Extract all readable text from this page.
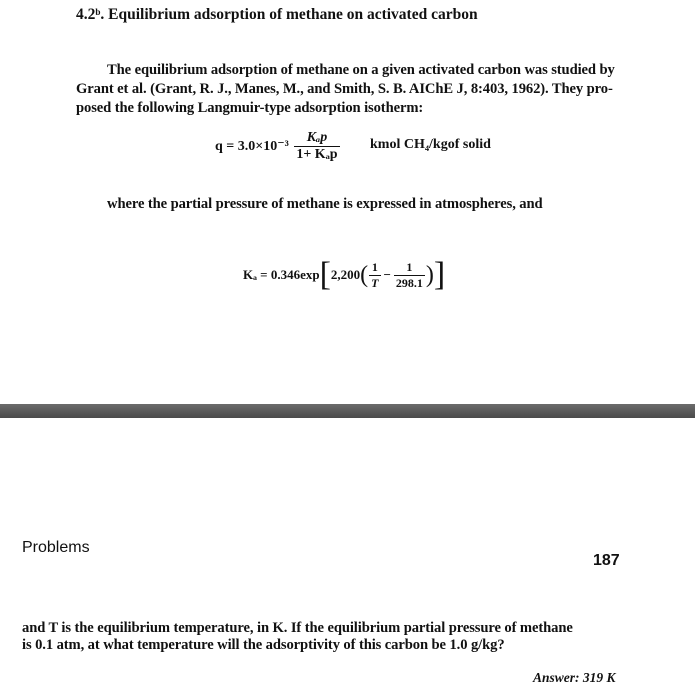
4.2ᵇ. Equilibrium adsorption of methane on activated carbon
The equilibrium adsorption of methane on a given activated carbon was studied by
Grant et al. (Grant, R. J., Manes, M., and Smith, S. B. AIChE J, 8:403, 1962). They pro-
posed the following Langmuir-type adsorption isotherm:
$q = 3.0\times 10^{-3} \frac{\text{Kₐp}}{\text{1+ Kₐp}}$ kmol CH₄/kgof solid
where the partial pressure of methane is expressed in atmospheres, and
$K_a = 0.346\exp[2,200( \frac{1}{T} - \frac{1}{298.1}$ )]
Problems
187
and T is the equilibrium temperature, in K. If the equilibrium partial pressure of methane
is 0.1 atm, at what temperature will the adsorptivity of this carbon be 1.0 g/kg?
Answer: 319 K
